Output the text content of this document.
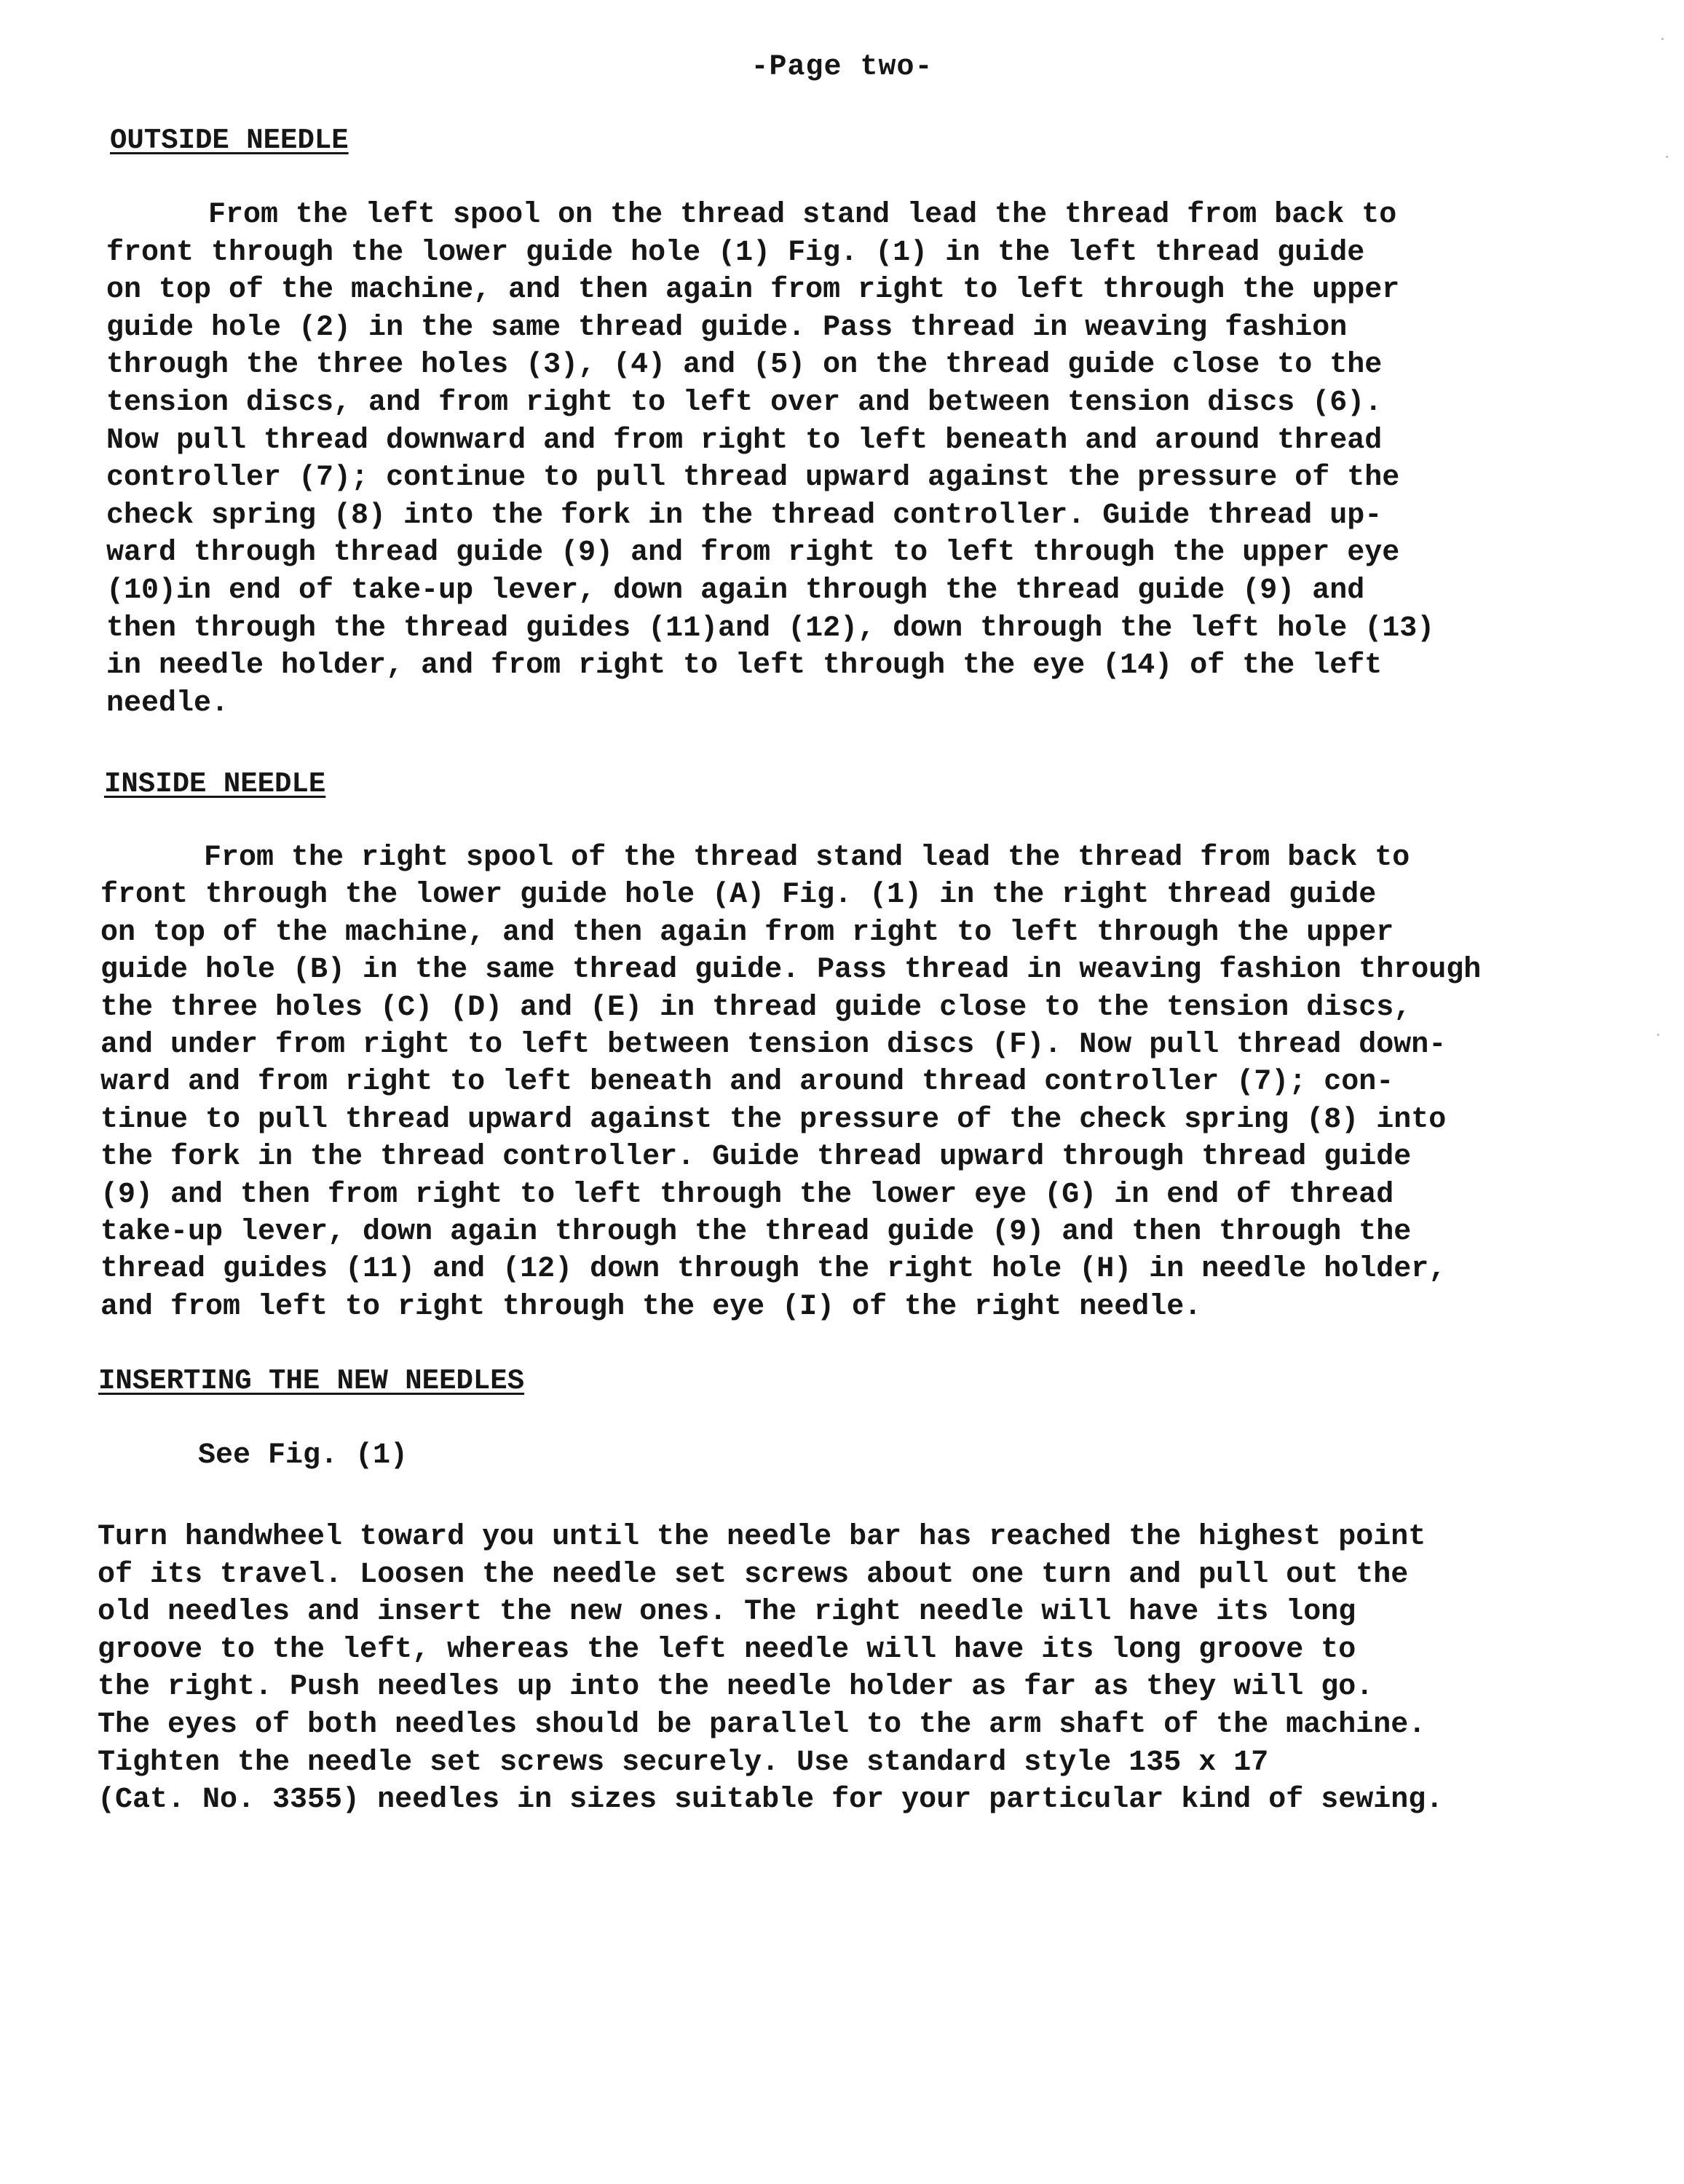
-Page two-
OUTSIDE NEEDLE
From the left spool on the thread stand lead the thread from back to
front through the lower guide hole (1) Fig. (1) in the left thread guide
on top of the machine, and then again from right to left through the upper
guide hole (2) in the same thread guide. Pass thread in weaving fashion
through the three holes (3), (4) and (5) on the thread guide close to the
tension discs, and from right to left over and between tension discs (6).
Now pull thread downward and from right to left beneath and around thread
controller (7); continue to pull thread upward against the pressure of the
check spring (8) into the fork in the thread controller. Guide thread up-
ward through thread guide (9) and from right to left through the upper eye
(10)in end of take-up lever, down again through the thread guide (9) and
then through the thread guides (11)and (12), down through the left hole (13)
in needle holder, and from right to left through the eye (14) of the left
needle.
INSIDE NEEDLE
From the right spool of the thread stand lead the thread from back to
front through the lower guide hole (A) Fig. (1) in the right thread guide
on top of the machine, and then again from right to left through the upper
guide hole (B) in the same thread guide. Pass thread in weaving fashion through
the three holes (C) (D) and (E) in thread guide close to the tension discs,
and under from right to left between tension discs (F). Now pull thread down-
ward and from right to left beneath and around thread controller (7); con-
tinue to pull thread upward against the pressure of the check spring (8) into
the fork in the thread controller. Guide thread upward through thread guide
(9) and then from right to left through the lower eye (G) in end of thread
take-up lever, down again through the thread guide (9) and then through the
thread guides (11) and (12) down through the right hole (H) in needle holder,
and from left to right through the eye (I) of the right needle.
INSERTING THE NEW NEEDLES
See Fig. (1)
Turn handwheel toward you until the needle bar has reached the highest point
of its travel. Loosen the needle set screws about one turn and pull out the
old needles and insert the new ones. The right needle will have its long
groove to the left, whereas the left needle will have its long groove to
the right. Push needles up into the needle holder as far as they will go.
The eyes of both needles should be parallel to the arm shaft of the machine.
Tighten the needle set screws securely. Use standard style 135 x 17
(Cat. No. 3355) needles in sizes suitable for your particular kind of sewing.
